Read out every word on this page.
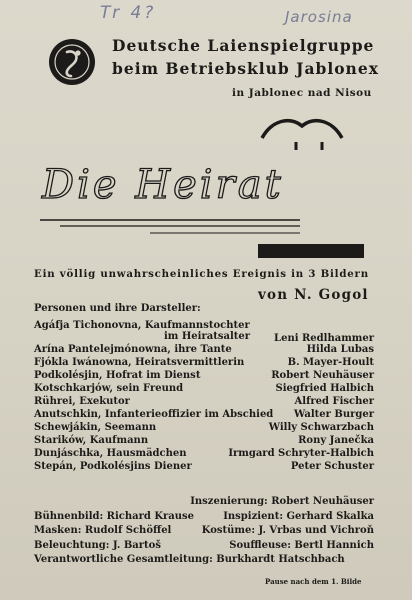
Tr 4?	Jarosina
Deutsche Laienspielgruppe
beim Betriebsklub Jablonex
in Jablonec nad Nisou
Die Heirat
Ein völlig unwahrscheinliches Ereignis in 3 Bildern
von N. Gogol
Personen und ihre Darsteller:
Agáfja Tichonovna, Kaufmannstochter
im Heiratsalter Leni Redlhammer
Arína Pantelejmónowna, ihre Tante	Hilda Lubas
Fjókla Iwánowna, Heiratsvermittlerin	B. Mayer-Hoult
Podkolésjin, Hofrat im Dienst	Robert Neuhäuser
Kotschkarjów, sein Freund	Siegfried Halbich
Rührei, Exekutor	Alfred Fischer
Anutschkin, Infanterieoffizier im Abschied Walter Burger
Schewjákin, Seemann	Willy Schwarzbach
Starików, Kaufmann	Rony Janečka
Dunjáschka, Hausmädchen	Irmgard Schryter-Halbich
Stepán, Podkolésjins Diener	Peter Schuster
Inszenierung: Robert Neuhäuser
Bühnenbild: Richard Krause	Inspizient: Gerhard Skalka
Masken: Rudolf Schöffel	Kostüme: J. Vrbas und Vichroň
Beleuchtung: J. Bartoš	Souffleuse: Bertl Hannich
Verantwortliche Gesamtleitung: Burkhardt Hatschbach
Pause nach dem 1. Bilde
